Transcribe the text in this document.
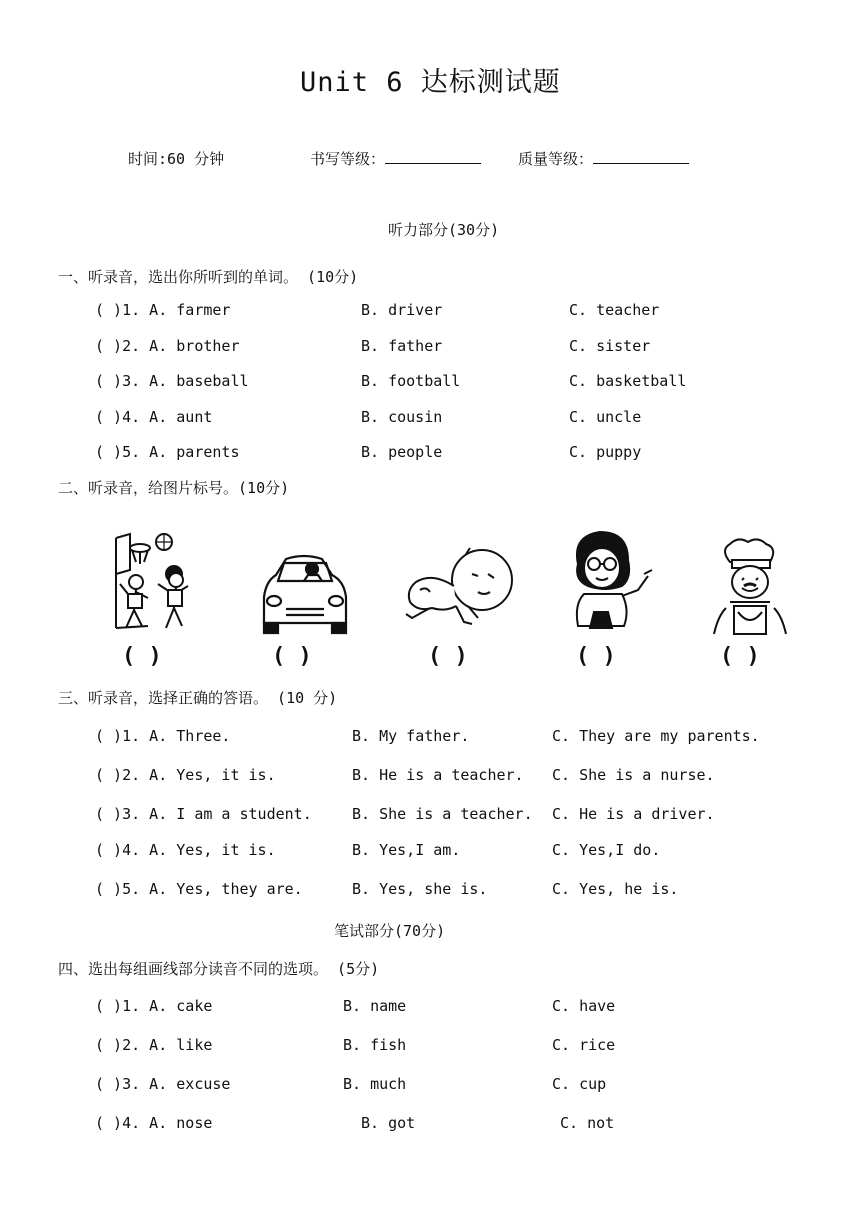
Unit 6 达标测试题
时间:60 分钟	书写等级：	质量等级：
听力部分(30分)
一、听录音，选出你所听到的单词。 (10分)
( )1. A. farmer	B. driver	C. teacher
( )2. A. brother	B. father	C. sister
( )3. A. baseball	B. football	C. basketball
( )4. A. aunt	B. cousin	C. uncle
( )5. A. parents	B. people	C. puppy
二、听录音，给图片标号。(10分)
( )	( )	( )	( )	( )
三、听录音，选择正确的答语。 (10 分)
( )1. A. Three.	B. My father.	C. They are my parents.
( )2. A. Yes, it is.	B. He is a teacher. C. She is a nurse.
( )3. A. I am a student.	B. She is a teacher. C. He is a driver.
( )4. A. Yes, it is.	B. Yes,I am.	C. Yes,I do.
( )5. A. Yes, they are.	B. Yes, she is.	C. Yes, he is.
笔试部分(70分)
四、选出每组画线部分读音不同的选项。 (5分)
( )1. A. cake	B. name	C. have
( )2. A. like	B. fish	C. rice
( )3. A. excuse	B. much	C. cup
( )4. A. nose	B. got	C. not
